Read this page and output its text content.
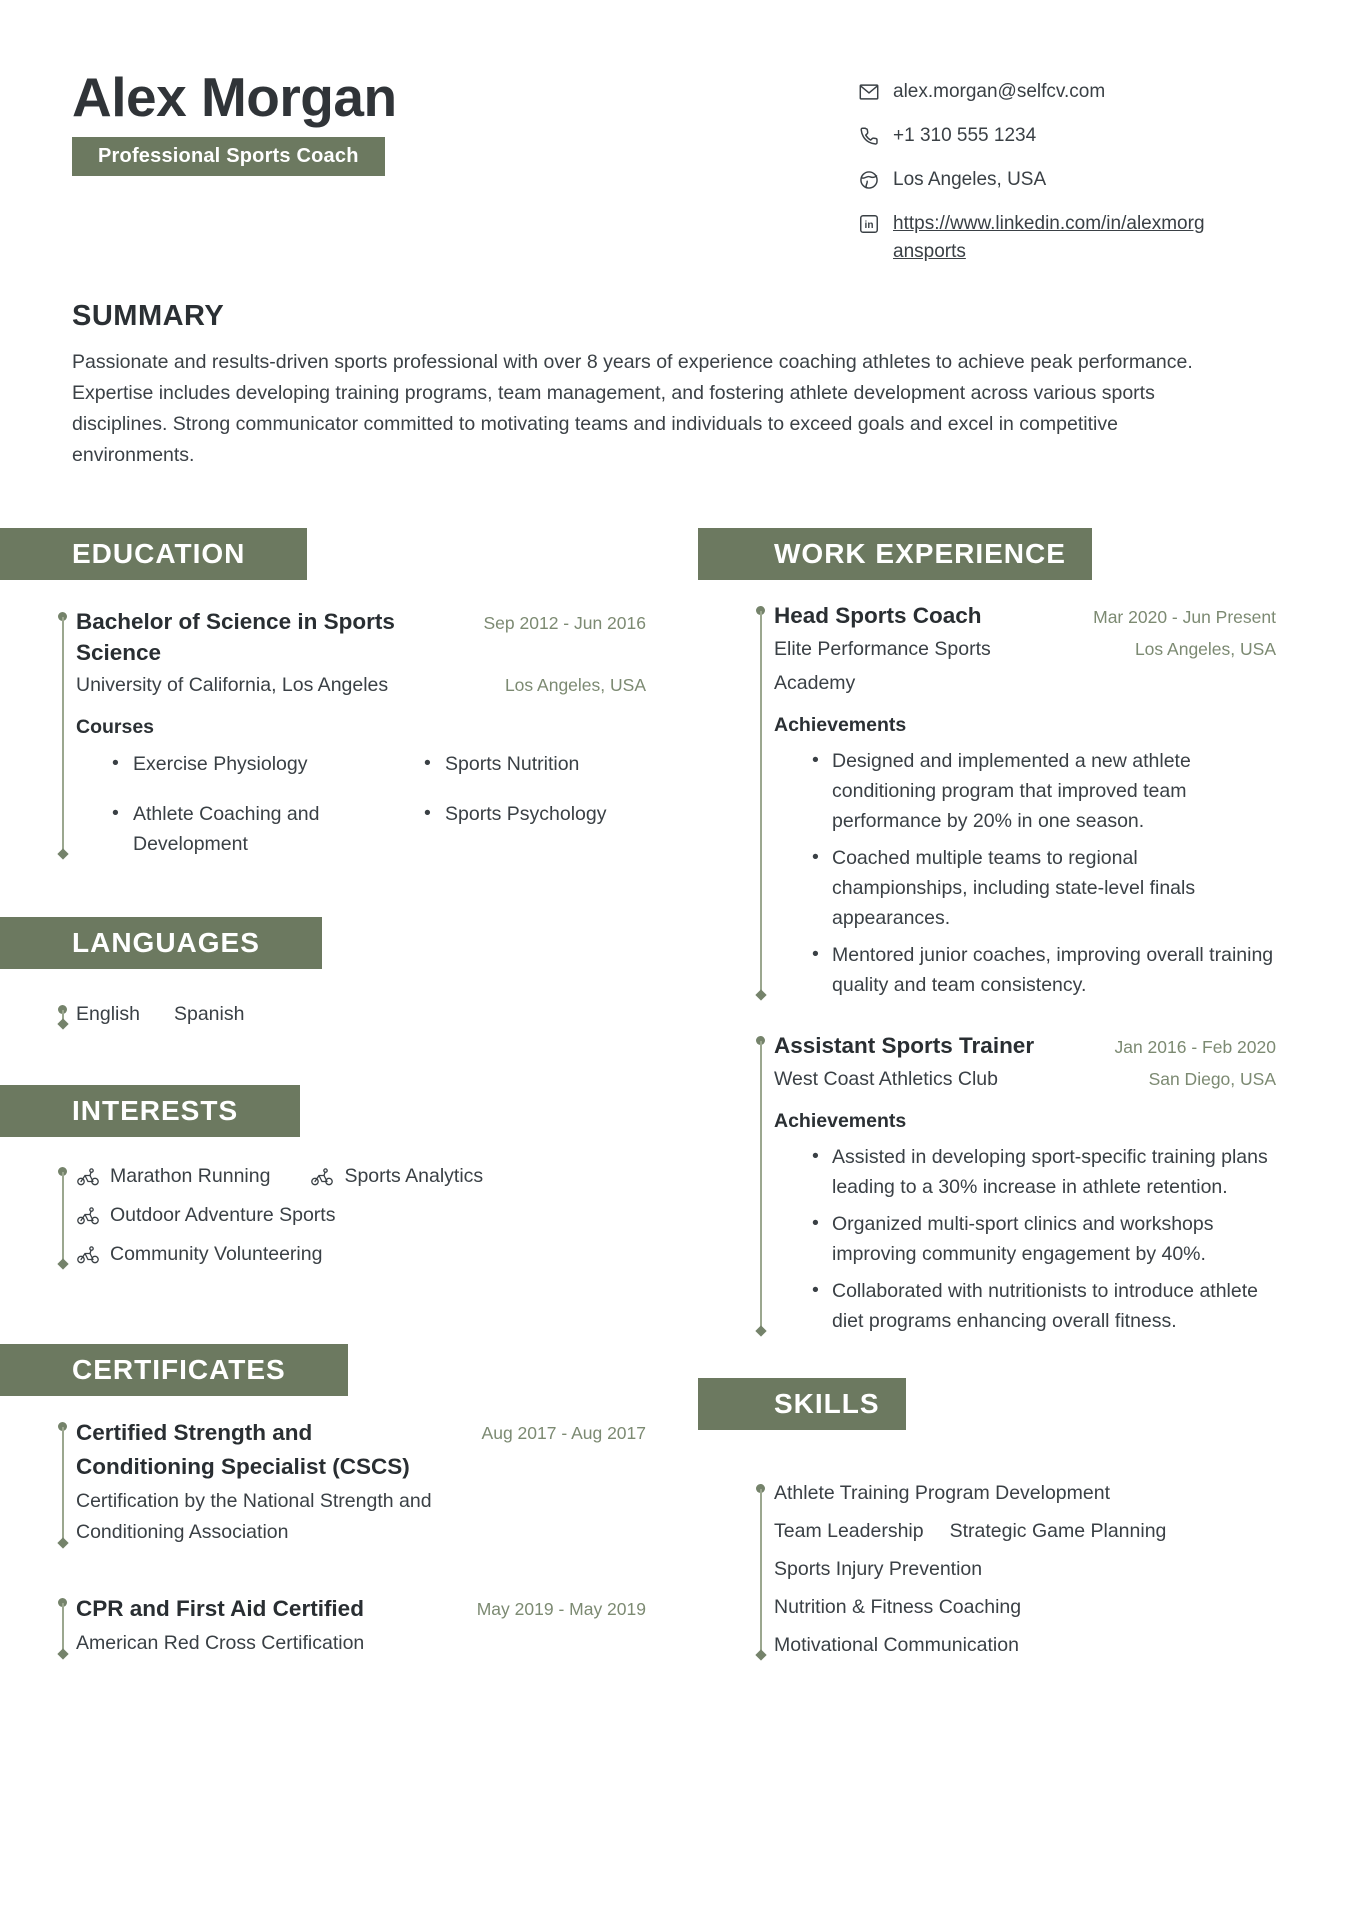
Alex Morgan
Professional Sports Coach
alex.morgan@selfcv.com
+1 310 555 1234
Los Angeles, USA
in https://www.linkedin.com/in/alexmorgansports
SUMMARY

Passionate and results-driven sports professional with over 8 years of experience coaching athletes to achieve peak performance. Expertise includes developing training programs, team management, and fostering athlete development across various sports disciplines. Strong communicator committed to motivating teams and individuals to exceed goals and excel in competitive environments.

EDUCATION
Bachelor of Science in Sports Science
Sep 2012 - Jun 2016
University of California, Los Angeles	Los Angeles, USA
Courses
• Exercise Physiology	• Sports Nutrition
• Athlete Coaching and Development
• Sports Psychology
LANGUAGES
English Spanish
INTERESTS
Marathon Running	Sports Analytics
Outdoor Adventure Sports
Community Volunteering
CERTIFICATES
Certified Strength and Conditioning Specialist (CSCS)
Aug 2017 - Aug 2017
Certification by the National Strength and Conditioning Association
CPR and First Aid Certified	May 2019 - May 2019
American Red Cross Certification
WORK EXPERIENCE
Head Sports Coach	Mar 2020 - Jun Present
Elite Performance Sports Academy
Los Angeles, USA
Achievements
• Designed and implemented a new athlete conditioning program that improved team performance by 20% in one season.
• Coached multiple teams to regional championships, including state-level finals appearances.
• Mentored junior coaches, improving overall training quality and team consistency.
Assistant Sports Trainer	Jan 2016 - Feb 2020
West Coast Athletics Club	San Diego, USA
Achievements
• Assisted in developing sport-specific training plans leading to a 30% increase in athlete retention.
• Organized multi-sport clinics and workshops improving community engagement by 40%.
• Collaborated with nutritionists to introduce athlete diet programs enhancing overall fitness.
SKILLS
Athlete Training Program Development
Team Leadership Strategic Game Planning
Sports Injury Prevention
Nutrition & Fitness Coaching
Motivational Communication
